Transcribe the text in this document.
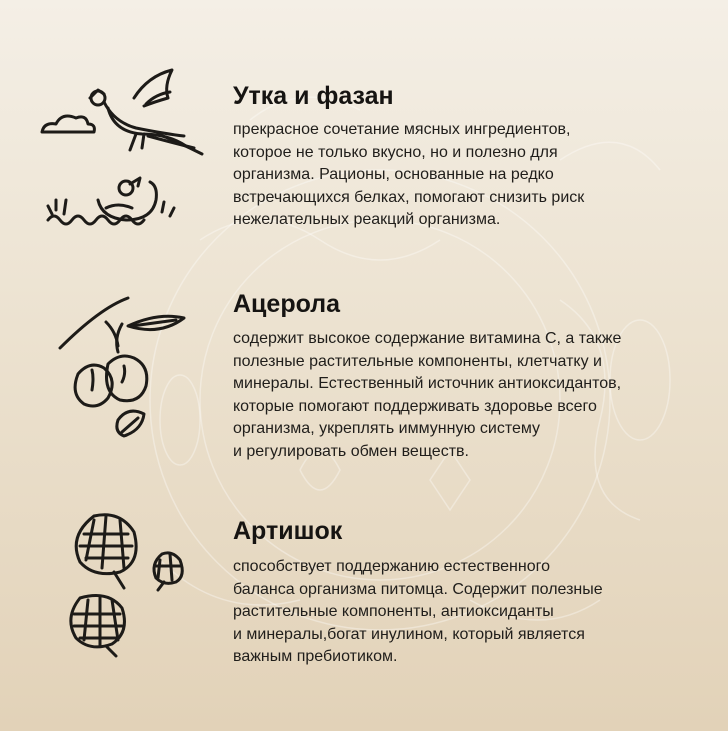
Утка и фазан

прекрасное сочетание мясных ингредиентов,
которое не только вкусно, но и полезно для
организма. Рационы, основанные на редко
встречающихся белках, помогают снизить риск
нежелательных реакций организма.

Ацерола

содержит высокое содержание витамина С, а также
полезные растительные компоненты, клетчатку и
минералы. Естественный источник антиоксидантов,
которые помогают поддерживать здоровье всего
организма, укреплять иммунную систему
и регулировать обмен веществ.

Артишок

способствует поддержанию естественного
баланса организма питомца. Содержит полезные
растительные компоненты, антиоксиданты
и минералы,богат инулином, который является
важным пребиотиком.
